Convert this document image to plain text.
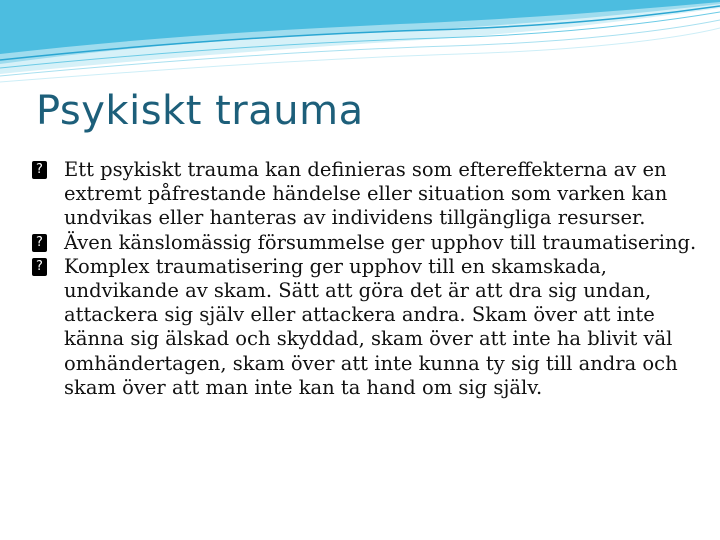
Psykiskt trauma
? Ett psykiskt trauma kan definieras som eftereffekterna av en extremt påfrestande händelse eller situation som varken kan undvikas eller hanteras av individens tillgängliga resurser.
? Även känslomässig försummelse ger upphov till traumatisering.
? Komplex traumatisering ger upphov till en skamskada, undvikande av skam. Sätt att göra det är att dra sig undan, attackera sig själv eller attackera andra. Skam över att inte känna sig älskad och skyddad, skam över att inte ha blivit väl omhändertagen, skam över att inte kunna ty sig till andra och skam över att man inte kan ta hand om sig själv.
